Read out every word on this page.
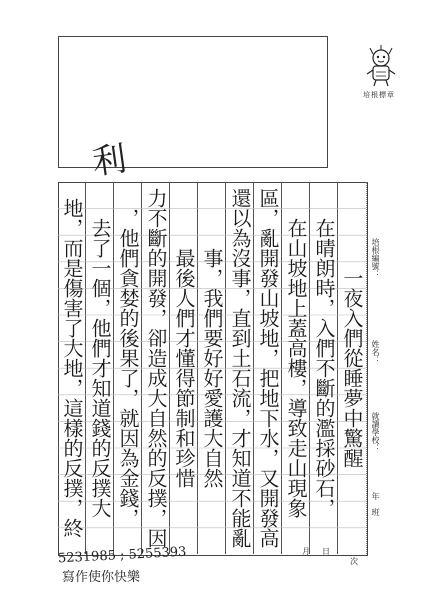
培根標章
利
一夜入們從睡夢中驚醒
在晴朗時，入們不斷的濫採砂石，
在山坡地上蓋高樓，導致走山現象
區，亂開發山坡地，把地下水，又開發高
還以為沒事，直到土石流，才知道不能亂
事，我們要好好愛護大自然
最後人們才懂得節制和珍惜
力不斷的開發，卻造成大自然的反撲，因
，他們貪婪的後果了，就因為金錢，
去了一個，他們才知道錢的反撲大
地，而是傷害了大地，這樣的反撲，終	培根編號：
姓名：
就讀學校：
年　班
5231985 ; 5255393
寫作使你快樂
月 日
次
